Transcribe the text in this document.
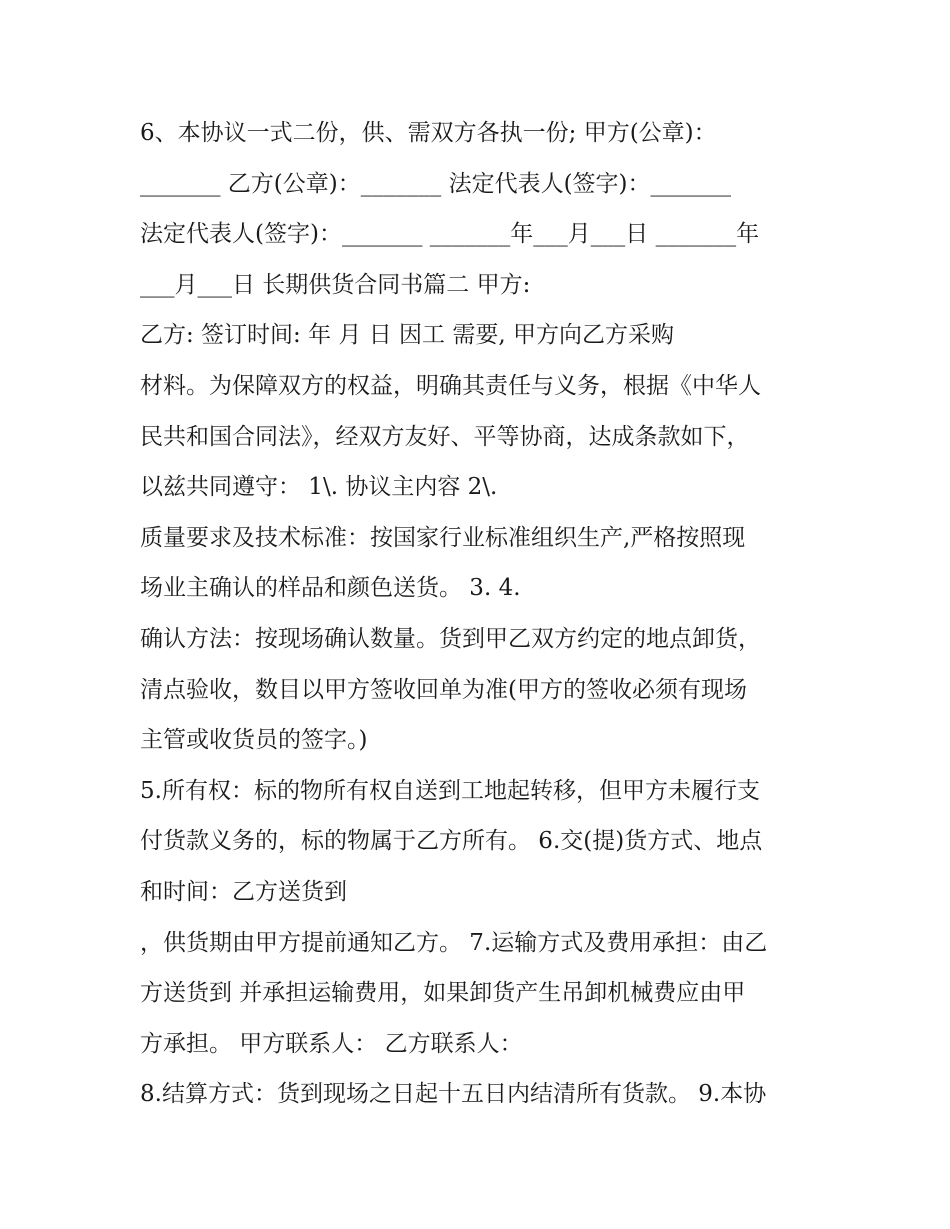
6、本协议一式二份，供、需双方各执一份; 甲方(公章)：
_______ 乙方(公章)：_______ 法定代表人(签字)：_______
法定代表人(签字)：_______ _______年___月___日 _______年
___月___日 长期供货合同书篇二 甲方:
乙方: 签订时间: 年 月 日 因工 需要, 甲方向乙方采购
材料。为保障双方的权益，明确其责任与义务，根据《中华人
民共和国合同法》，经双方友好、平等协商，达成条款如下，
以兹共同遵守： 1\. 协议主内容 2\.
质量要求及技术标准：按国家行业标准组织生产,严格按照现
场业主确认的样品和颜色送货。 3. 4.
确认方法：按现场确认数量。货到甲乙双方约定的地点卸货，
清点验收，数目以甲方签收回单为准(甲方的签收必须有现场
主管或收货员的签字。)
5.所有权：标的物所有权自送到工地起转移，但甲方未履行支
付货款义务的，标的物属于乙方所有。 6.交(提)货方式、地点
和时间：乙方送货到
，供货期由甲方提前通知乙方。 7.运输方式及费用承担：由乙
方送货到 并承担运输费用，如果卸货产生吊卸机械费应由甲
方承担。 甲方联系人： 乙方联系人：
8.结算方式：货到现场之日起十五日内结清所有货款。 9.本协
